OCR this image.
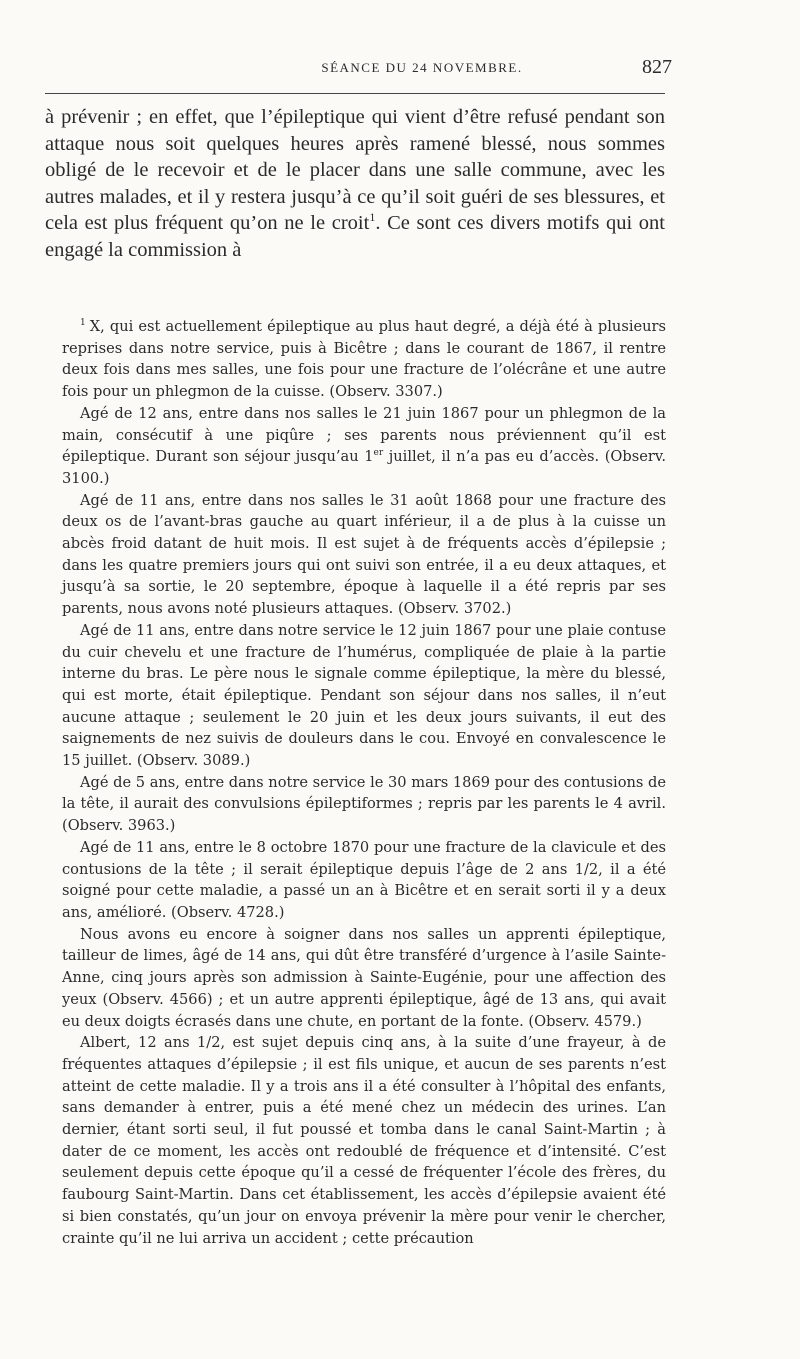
SÉANCE DU 24 NOVEMBRE.	827

à prévenir ; en effet, que l’épileptique qui vient d’être refusé pendant son attaque nous soit quelques heures après ramené blessé, nous sommes obligé de le recevoir et de le placer dans une salle commune, avec les autres malades, et il y restera jusqu’à ce qu’il soit guéri de ses blessures, et cela est plus fréquent qu’on ne le croit$^1$. Ce sont ces divers motifs qui ont engagé la commission à

$^1$ X, qui est actuellement épileptique au plus haut degré, a déjà été à plusieurs reprises dans notre service, puis à Bicêtre ; dans le courant de 1867, il rentre deux fois dans mes salles, une fois pour une fracture de l’olécrâne et une autre fois pour un phlegmon de la cuisse. (Observ. 3307.)

Agé de 12 ans, entre dans nos salles le 21 juin 1867 pour un phlegmon de la main, consécutif à une piqûre ; ses parents nous préviennent qu’il est épileptique. Durant son séjour jusqu’au 1er juillet, il n’a pas eu d’accès. (Observ. 3100.)

Agé de 11 ans, entre dans nos salles le 31 août 1868 pour une fracture des deux os de l’avant-bras gauche au quart inférieur, il a de plus à la cuisse un abcès froid datant de huit mois. Il est sujet à de fréquents accès d’épilepsie ; dans les quatre premiers jours qui ont suivi son entrée, il a eu deux attaques, et jusqu’à sa sortie, le 20 septembre, époque à laquelle il a été repris par ses parents, nous avons noté plusieurs attaques. (Observ. 3702.)

Agé de 11 ans, entre dans notre service le 12 juin 1867 pour une plaie contuse du cuir chevelu et une fracture de l’humérus, compliquée de plaie à la partie interne du bras. Le père nous le signale comme épileptique, la mère du blessé, qui est morte, était épileptique. Pendant son séjour dans nos salles, il n’eut aucune attaque ; seulement le 20 juin et les deux jours suivants, il eut des saignements de nez suivis de douleurs dans le cou. Envoyé en convalescence le 15 juillet. (Observ. 3089.)

Agé de 5 ans, entre dans notre service le 30 mars 1869 pour des contusions de la tête, il aurait des convulsions épileptiformes ; repris par les parents le 4 avril. (Observ. 3963.)

Agé de 11 ans, entre le 8 octobre 1870 pour une fracture de la clavicule et des contusions de la tête ; il serait épileptique depuis l’âge de 2 ans 1/2, il a été soigné pour cette maladie, a passé un an à Bicêtre et en serait sorti il y a deux ans, amélioré. (Observ. 4728.)

Nous avons eu encore à soigner dans nos salles un apprenti épileptique, tailleur de limes, âgé de 14 ans, qui dût être transféré d’urgence à l’asile Sainte-Anne, cinq jours après son admission à Sainte-Eugénie, pour une affection des yeux (Observ. 4566) ; et un autre apprenti épileptique, âgé de 13 ans, qui avait eu deux doigts écrasés dans une chute, en portant de la fonte. (Observ. 4579.)

Albert, 12 ans 1/2, est sujet depuis cinq ans, à la suite d’une frayeur, à de fréquentes attaques d’épilepsie ; il est fils unique, et aucun de ses parents n’est atteint de cette maladie. Il y a trois ans il a été consulter à l’hôpital des enfants, sans demander à entrer, puis a été mené chez un médecin des urines. L’an dernier, étant sorti seul, il fut poussé et tomba dans le canal Saint-Martin ; à dater de ce moment, les accès ont redoublé de fréquence et d’intensité. C’est seulement depuis cette époque qu’il a cessé de fréquenter l’école des frères, du faubourg Saint-Martin. Dans cet établissement, les accès d’épilepsie avaient été si bien constatés, qu’un jour on envoya prévenir la mère pour venir le chercher, crainte qu’il ne lui arriva un accident ; cette précaution
